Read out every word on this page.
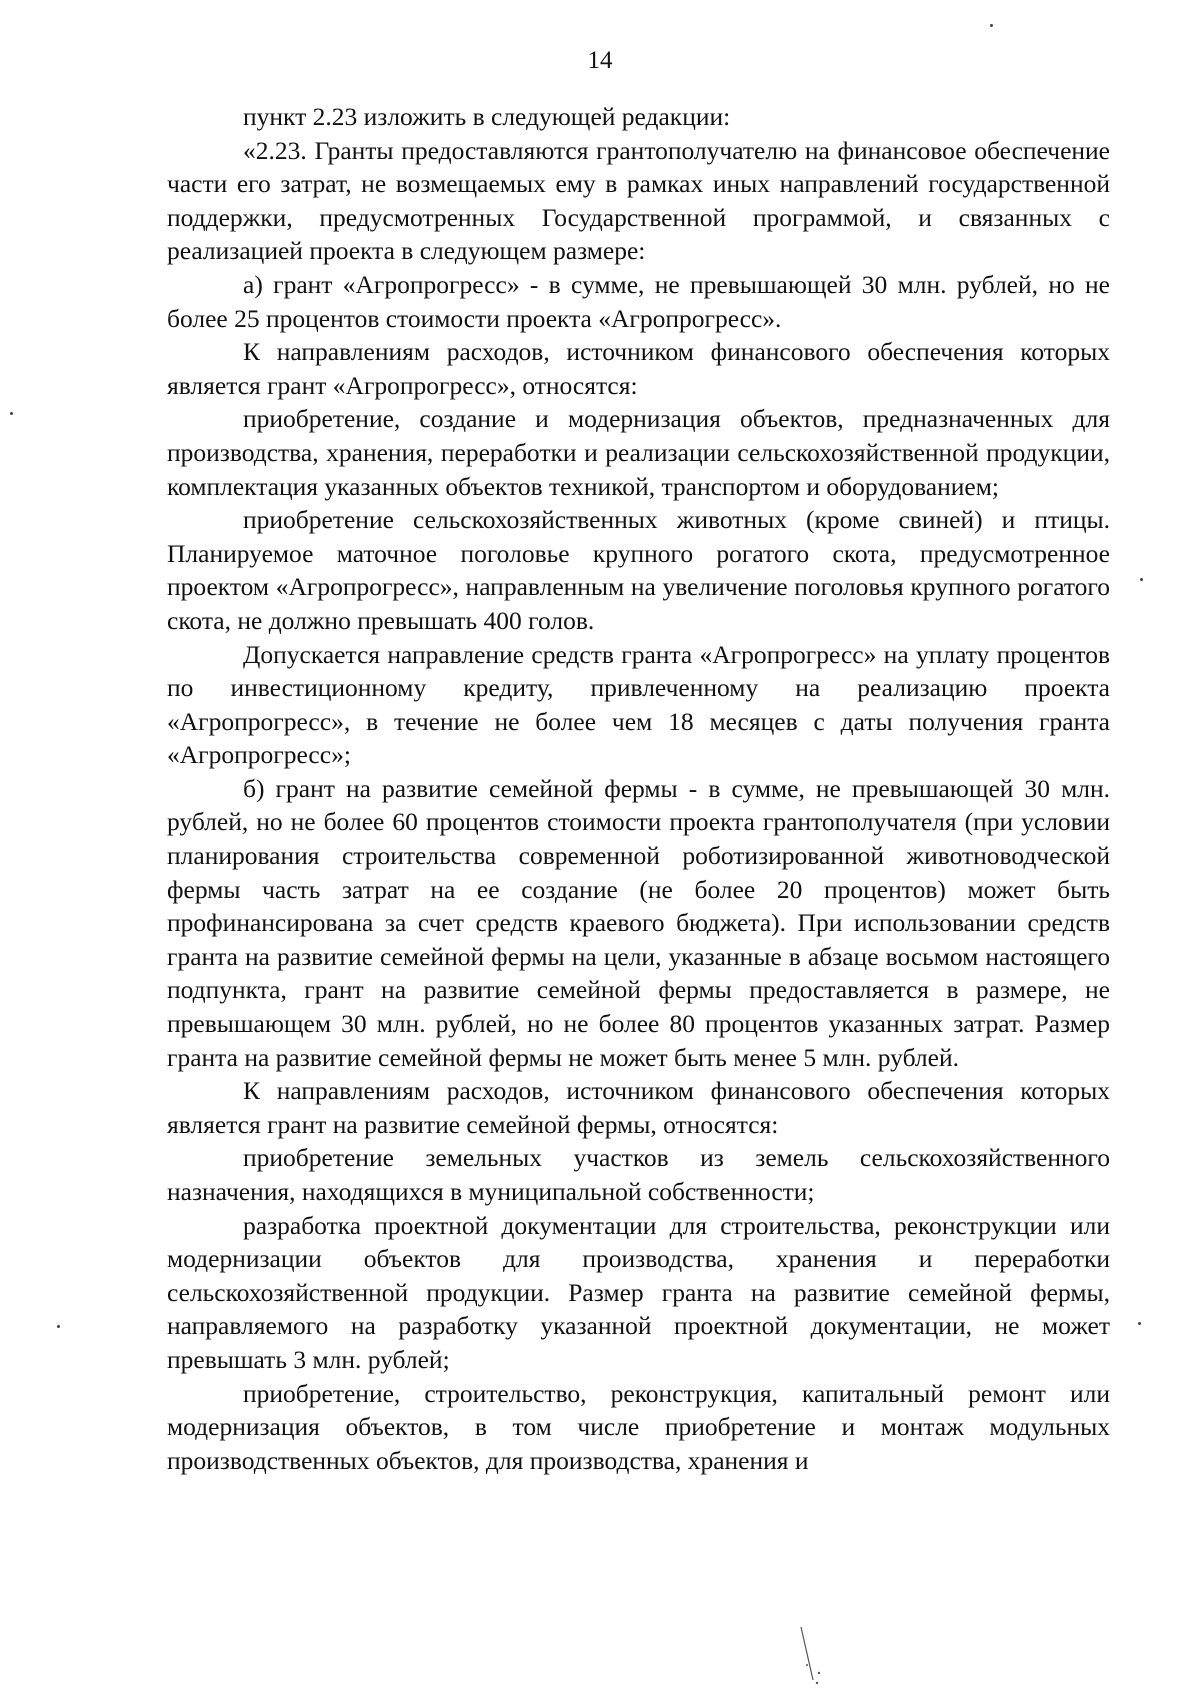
14

пункт 2.23 изложить в следующей редакции:

«2.23. Гранты предоставляются грантополучателю на финансовое обеспечение части его затрат, не возмещаемых ему в рамках иных направлений государственной поддержки, предусмотренных Государственной программой, и связанных с реализацией проекта в следующем размере:

а) грант «Агропрогресс» - в сумме, не превышающей 30 млн. рублей, но не более 25 процентов стоимости проекта «Агропрогресс».

К направлениям расходов, источником финансового обеспечения которых является грант «Агропрогресс», относятся:

приобретение, создание и модернизация объектов, предназначенных для производства, хранения, переработки и реализации сельскохозяйственной продукции, комплектация указанных объектов техникой, транспортом и оборудованием;

приобретение сельскохозяйственных животных (кроме свиней) и птицы. Планируемое маточное поголовье крупного рогатого скота, предусмотренное проектом «Агропрогресс», направленным на увеличение поголовья крупного рогатого скота, не должно превышать 400 голов.

Допускается направление средств гранта «Агропрогресс» на уплату процентов по инвестиционному кредиту, привлеченному на реализацию проекта «Агропрогресс», в течение не более чем 18 месяцев с даты получения гранта «Агропрогресс»;

б) грант на развитие семейной фермы - в сумме, не превышающей 30 млн. рублей, но не более 60 процентов стоимости проекта грантополучателя (при условии планирования строительства современной роботизированной животноводческой фермы часть затрат на ее создание (не более 20 процентов) может быть профинансирована за счет средств краевого бюджета). При использовании средств гранта на развитие семейной фермы на цели, указанные в абзаце восьмом настоящего подпункта, грант на развитие семейной фермы предоставляется в размере, не превышающем 30 млн. рублей, но не более 80 процентов указанных затрат. Размер гранта на развитие семейной фермы не может быть менее 5 млн. рублей.

К направлениям расходов, источником финансового обеспечения которых является грант на развитие семейной фермы, относятся:

приобретение земельных участков из земель сельскохозяйственного назначения, находящихся в муниципальной собственности;

разработка проектной документации для строительства, реконструкции или модернизации объектов для производства, хранения и переработки сельскохозяйственной продукции. Размер гранта на развитие семейной фермы, направляемого на разработку указанной проектной документации, не может превышать 3 млн. рублей;

приобретение, строительство, реконструкция, капитальный ремонт или модернизация объектов, в том числе приобретение и монтаж модульных производственных объектов, для производства, хранения и
